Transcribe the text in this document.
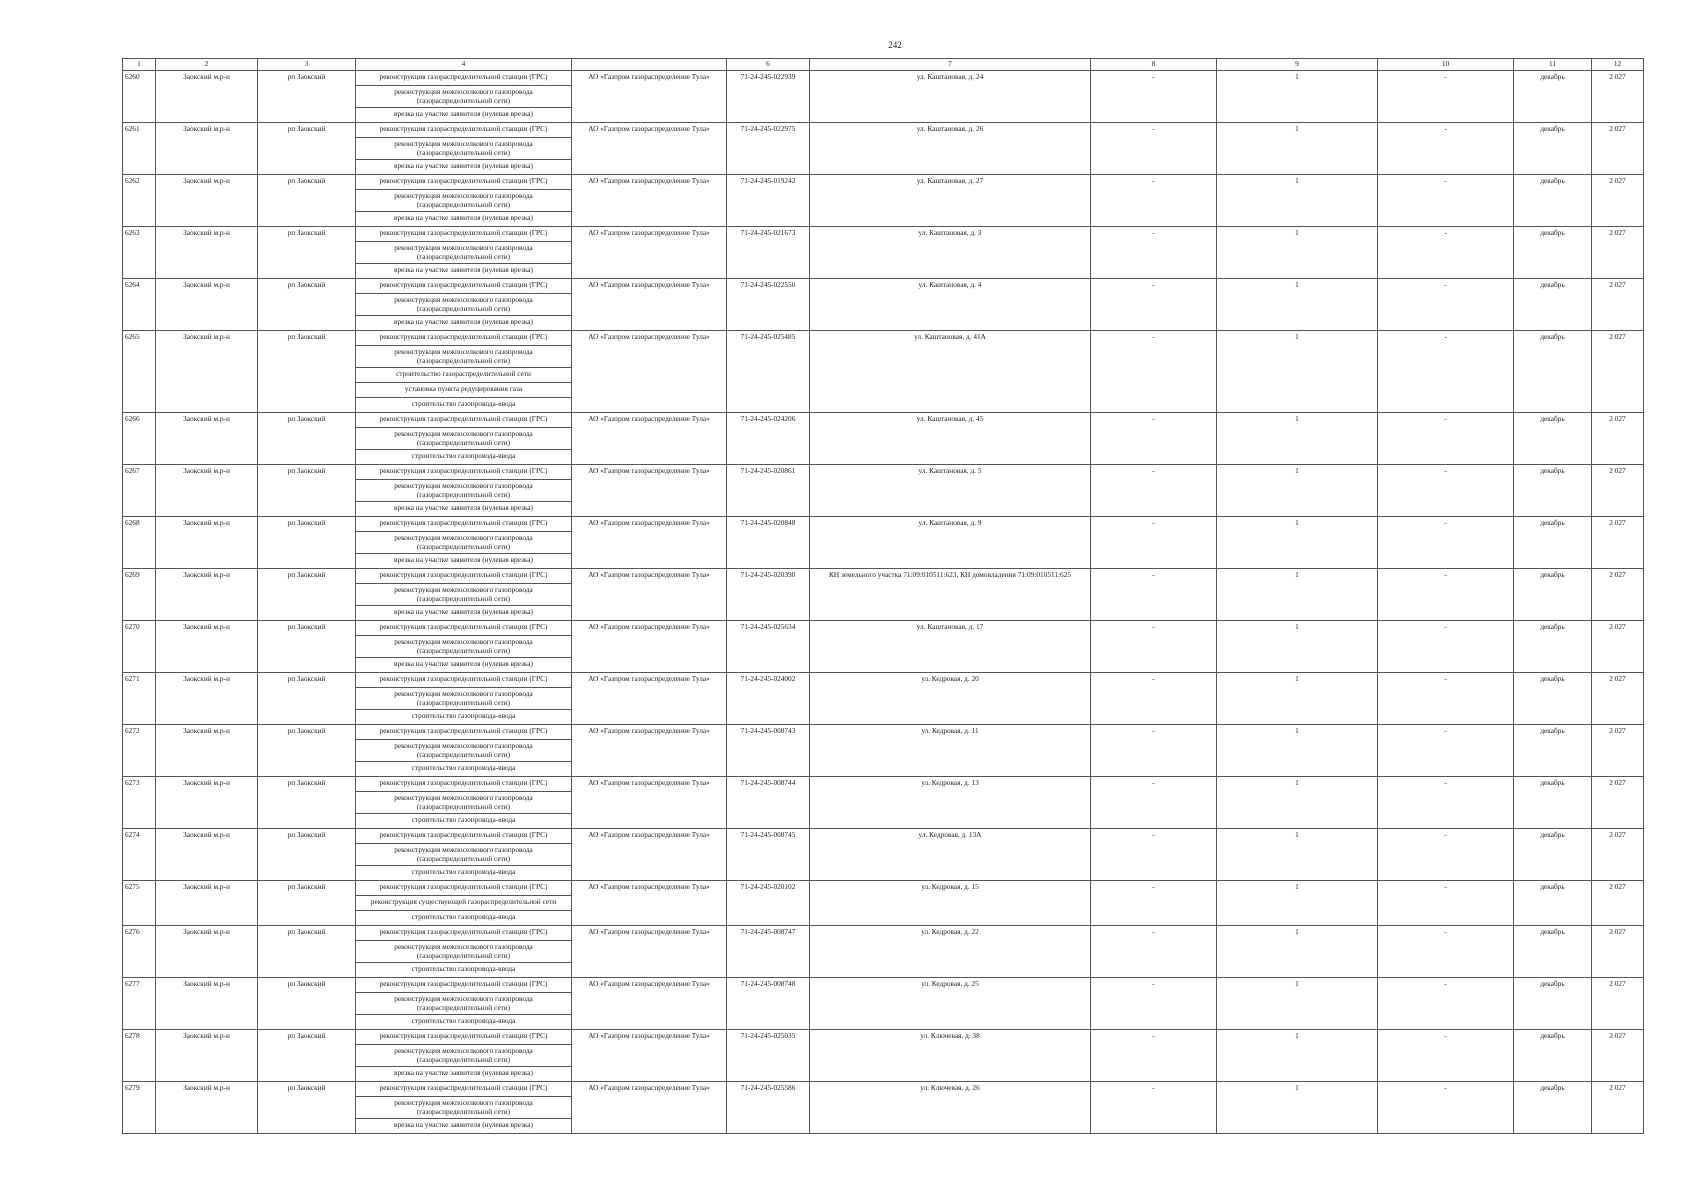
242
1	2	3	4		6	7	8	9	10	11	12
6260	Заокский м.р-н	рп Заокский	реконструкция газораспределительной станции (ГРС)
реконструкция межпоселкового газопровода (газораспределительной сети)
врезка на участке заявителя (нулевая врезка)	АО «Газпром газораспределение Тула»	71-24-245-022939	ул. Каштановая, д. 24	-	1	-	декабрь	2 027
6261	Заокский м.р-н	рп Заокский	реконструкция газораспределительной станции (ГРС)
реконструкция межпоселкового газопровода (газораспределительной сети)
врезка на участке заявителя (нулевая врезка)	АО «Газпром газораспределение Тула»	71-24-245-022975	ул. Каштановая, д. 26	-	1	-	декабрь	2 027
6262	Заокский м.р-н	рп Заокский	реконструкция газораспределительной станции (ГРС)
реконструкция межпоселкового газопровода (газораспределительной сети)
врезка на участке заявителя (нулевая врезка)	АО «Газпром газораспределение Тула»	71-24-245-019242	ул. Каштановая, д. 27	-	1	-	декабрь	2 027
6263	Заокский м.р-н	рп Заокский	реконструкция газораспределительной станции (ГРС)
реконструкция межпоселкового газопровода (газораспределительной сети)
врезка на участке заявителя (нулевая врезка)	АО «Газпром газораспределение Тула»	71-24-245-021673	ул. Каштановая, д. 3	-	1	-	декабрь	2 027
6264	Заокский м.р-н	рп Заокский	реконструкция газораспределительной станции (ГРС)
реконструкция межпоселкового газопровода (газораспределительной сети)
врезка на участке заявителя (нулевая врезка)	АО «Газпром газораспределение Тула»	71-24-245-022550	ул. Каштановая, д. 4	-	1	-	декабрь	2 027
6265	Заокский м.р-н	рп Заокский	реконструкция газораспределительной станции (ГРС)
реконструкция межпоселкового газопровода (газораспределительной сети)
строительство газораспределительной сети
установка пункта редуцирования газа
строительство газопровода-ввода	АО «Газпром газораспределение Тула»	71-24-245-025485	ул. Каштановая, д. 41А	-	1	-	декабрь	2 027
6266	Заокский м.р-н	рп Заокский	реконструкция газораспределительной станции (ГРС)
реконструкция межпоселкового газопровода (газораспределительной сети)
строительство газопровода-ввода	АО «Газпром газораспределение Тула»	71-24-245-024206	ул. Каштановая, д. 45	-	1	-	декабрь	2 027
6267	Заокский м.р-н	рп Заокский	реконструкция газораспределительной станции (ГРС)
реконструкция межпоселкового газопровода (газораспределительной сети)
врезка на участке заявителя (нулевая врезка)	АО «Газпром газораспределение Тула»	71-24-245-020861	ул. Каштановая, д. 5	-	1	-	декабрь	2 027
6268	Заокский м.р-н	рп Заокский	реконструкция газораспределительной станции (ГРС)
реконструкция межпоселкового газопровода (газораспределительной сети)
врезка на участке заявителя (нулевая врезка)	АО «Газпром газораспределение Тула»	71-24-245-020848	ул. Каштановая, д. 9	-	1	-	декабрь	2 027
6269	Заокский м.р-н	рп Заокский	реконструкция газораспределительной станции (ГРС)
реконструкция межпоселкового газопровода (газораспределительной сети)
врезка на участке заявителя (нулевая врезка)	АО «Газпром газораспределение Тула»	71-24-245-020390	КН земельного участка 71:09:010511:623, КН домовладения 71:09:010511:625	-	1	-	декабрь	2 027
6270	Заокский м.р-н	рп Заокский	реконструкция газораспределительной станции (ГРС)
реконструкция межпоселкового газопровода (газораспределительной сети)
врезка на участке заявителя (нулевая врезка)	АО «Газпром газораспределение Тула»	71-24-245-025634	ул. Каштановая, д. 17	-	1	-	декабрь	2 027
6271	Заокский м.р-н	рп Заокский	реконструкция газораспределительной станции (ГРС)
реконструкция межпоселкового газопровода (газораспределительной сети)
строительство газопровода-ввода	АО «Газпром газораспределение Тула»	71-24-245-024002	ул. Кедровая, д. 20	-	1	-	декабрь	2 027
6272	Заокский м.р-н	рп Заокский	реконструкция газораспределительной станции (ГРС)
реконструкция межпоселкового газопровода (газораспределительной сети)
строительство газопровода-ввода	АО «Газпром газораспределение Тула»	71-24-245-008743	ул. Кедровая, д. 11	-	1	-	декабрь	2 027
6273	Заокский м.р-н	рп Заокский	реконструкция газораспределительной станции (ГРС)
реконструкция межпоселкового газопровода (газораспределительной сети)
строительство газопровода-ввода	АО «Газпром газораспределение Тула»	71-24-245-008744	ул. Кедровая, д. 13	-	1	-	декабрь	2 027
6274	Заокский м.р-н	рп Заокский	реконструкция газораспределительной станции (ГРС)
реконструкция межпоселкового газопровода (газораспределительной сети)
строительство газопровода-ввода	АО «Газпром газораспределение Тула»	71-24-245-008745	ул. Кедровая, д. 13А	-	1	-	декабрь	2 027
6275	Заокский м.р-н	рп Заокский	реконструкция газораспределительной станции (ГРС)
реконструкция существующей газораспределительной сети
строительство газопровода-ввода	АО «Газпром газораспределение Тула»	71-24-245-020102	ул. Кедровая, д. 15	-	1	-	декабрь	2 027
6276	Заокский м.р-н	рп Заокский	реконструкция газораспределительной станции (ГРС)
реконструкция межпоселкового газопровода (газораспределительной сети)
строительство газопровода-ввода	АО «Газпром газораспределение Тула»	71-24-245-008747	ул. Кедровая, д. 22	-	1	-	декабрь	2 027
6277	Заокский м.р-н	рп Заокский	реконструкция газораспределительной станции (ГРС)
реконструкция межпоселкового газопровода (газораспределительной сети)
строительство газопровода-ввода	АО «Газпром газораспределение Тула»	71-24-245-008748	ул. Кедровая, д. 25	-	1	-	декабрь	2 027
6278	Заокский м.р-н	рп Заокский	реконструкция газораспределительной станции (ГРС)
реконструкция межпоселкового газопровода (газораспределительной сети)
врезка на участке заявителя (нулевая врезка)	АО «Газпром газораспределение Тула»	71-24-245-025035	ул. Ключевая, д. 38	-	1	-	декабрь	2 027
6279	Заокский м.р-н	рп Заокский	реконструкция газораспределительной станции (ГРС)
реконструкция межпоселкового газопровода (газораспределительной сети)
врезка на участке заявителя (нулевая врезка)	АО «Газпром газораспределение Тула»	71-24-245-025586	ул. Ключевая, д. 26	-	1	-	декабрь	2 027
